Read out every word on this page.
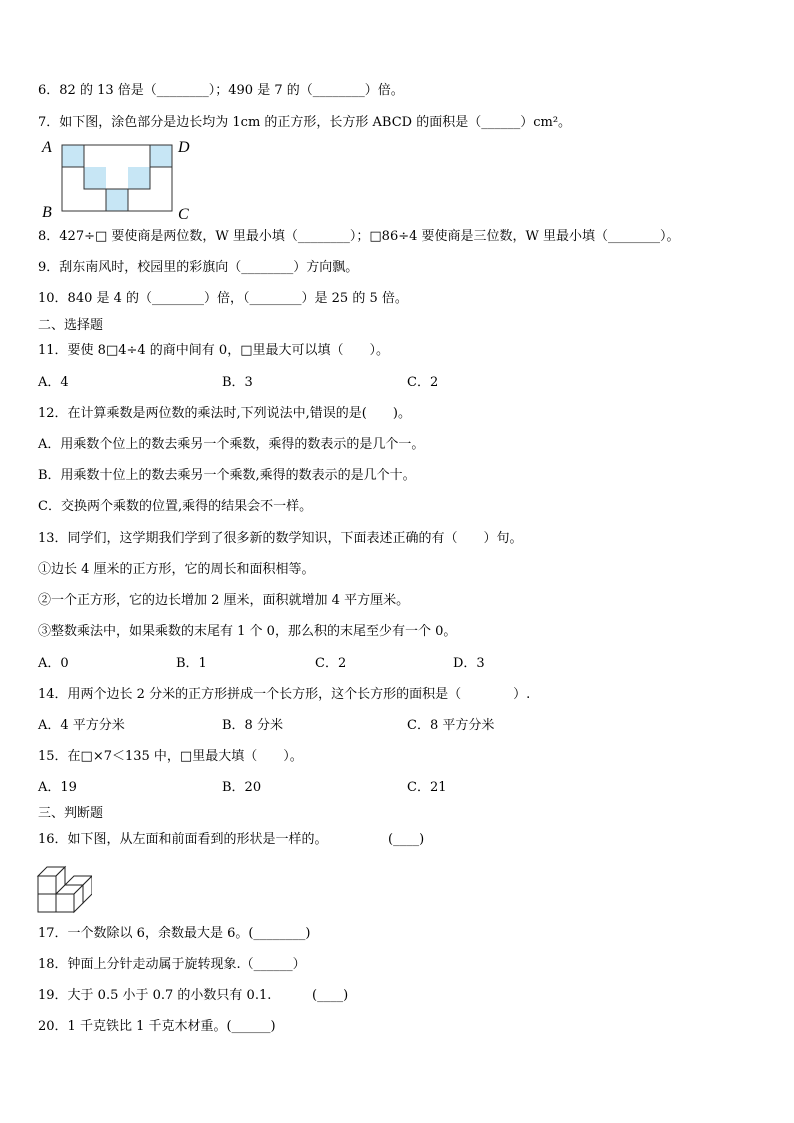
6．82 的 13 倍是（________）；490 是 7 的（________）倍。
7．如下图，涂色部分是边长均为 1cm 的正方形，长方形 ABCD 的面积是（______）cm²。
A	D
B	C
8．427÷□ 要使商是两位数，W 里最小填（________）；□86÷4 要使商是三位数，W 里最小填（________）。
9．刮东南风时，校园里的彩旗向（________）方向飘。
10．840 是 4 的（________）倍，（________）是 25 的 5 倍。
二、选择题
11．要使 8□4÷4 的商中间有 0，□里最大可以填（　　）。
A．4	B．3	C．2
12．在计算乘数是两位数的乘法时,下列说法中,错误的是(　　)。
A．用乘数个位上的数去乘另一个乘数，乘得的数表示的是几个一。
B．用乘数十位上的数去乘另一个乘数,乘得的数表示的是几个十。
C．交换两个乘数的位置,乘得的结果会不一样。
13．同学们，这学期我们学到了很多新的数学知识，下面表述正确的有（　　）句。
①边长 4 厘米的正方形，它的周长和面积相等。
②一个正方形，它的边长增加 2 厘米，面积就增加 4 平方厘米。
③整数乘法中，如果乘数的末尾有 1 个 0，那么积的末尾至少有一个 0。
A．0	B．1	C．2	D．3
14．用两个边长 2 分米的正方形拼成一个长方形，这个长方形的面积是（　　　　）.
A．4 平方分米	B．8 分米	C．8 平方分米
15．在□×7＜135 中，□里最大填（　　）。
A．19	B．20	C．21
三、判断题
16．如下图，从左面和前面看到的形状是一样的。	(____)
17．一个数除以 6，余数最大是 6。(________)
18．钟面上分针走动属于旋转现象.（______）
19．大于 0.5 小于 0.7 的小数只有 0.1.	(____)
20．1 千克铁比 1 千克木材重。(______)
